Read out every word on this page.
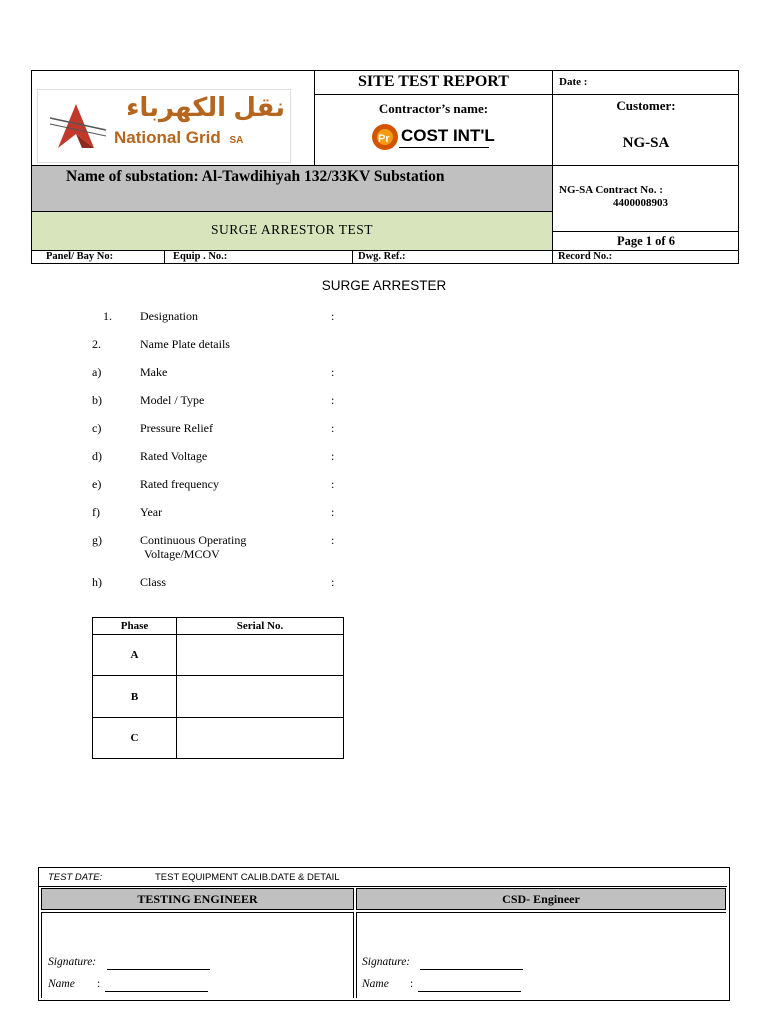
نقل الكهرباء
National Grid SA
SITE TEST REPORT	Date :
Contractor’s name:
Pr COST INT'L
Customer:
NG-SA
Name of substation: Al-Tawdihiyah 132/33KV Substation
NG-SA Contract No. :
4400008903
SURGE ARRESTOR TEST
Page 1 of 6
Panel/ Bay No:	Equip . No.:	Dwg. Ref.:	Record No.:
SURGE ARRESTER
1. Designation	:
2.	Name Plate details
a)	Make	:
b)	Model / Type	:
c)	Pressure Relief	:
d)	Rated Voltage	:
e)	Rated frequency	:
f)	Year	:
g)	Continuous Operating
Voltage/MCOV
:
h)	Class	:
Phase	Serial No.
A	
B	
C	
TEST DATE:	TEST EQUIPMENT CALIB.DATE & DETAIL
TESTING ENGINEER	CSD- Engineer
Signature:
Name :
Signature:
Name :
